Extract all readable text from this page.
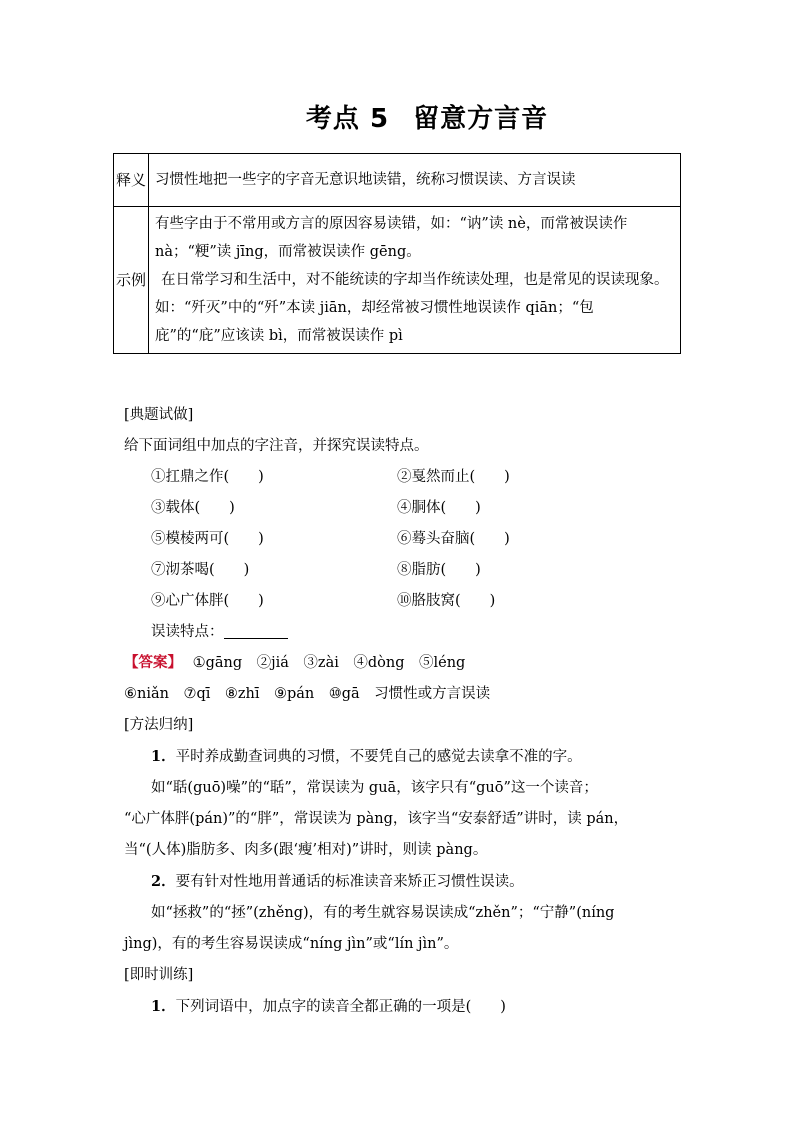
考点 5 留意方言音
释义	习惯性地把一些字的字音无意识地读错，统称习惯误读、方言误读

示例	有些字由于不常用或方言的原因容易读错，如：“讷”读 nè，而常被误读作 nà；“粳”读 jīng，而常被误读作 gēng。

在日常学习和生活中，对不能统读的字却当作统读处理，也是常见的误读现象。如：“歼灭”中的“歼”本读 jiān，却经常被习惯性地误读作 qiān；“包庇”的“庇”应该读 bì，而常被误读作 pì

[典题试做]
给下面词组中加点的字注音，并探究误读特点。
①扛鼎之作(　　)	②戛然而止(　　)
③载体(　　)	④胴体(　　)
⑤模棱两可(　　)	⑥蓦头奋脑(　　)
⑦沏茶喝(　　)	⑧脂肪(　　)
⑨心广体胖(　　)	⑩胳肢窝(　　)
误读特点：
【答案】 ①gāng　②jiá　③zài　④dòng　⑤léng
⑥niǎn　⑦qī　⑧zhī　⑨pán　⑩gā　习惯性或方言误读
[方法归纳]
1．平时养成勤查词典的习惯，不要凭自己的感觉去读拿不准的字。
如“聒(guō)噪”的“聒”，常误读为 guā，该字只有“guō”这一个读音；
“心广体胖(pán)”的“胖”，常误读为 pàng，该字当“安泰舒适”讲时，读 pán，
当“(人体)脂肪多、肉多(跟‘瘦’相对)”讲时，则读 pàng。
2．要有针对性地用普通话的标准读音来矫正习惯性误读。
如“拯救”的“拯”(zhěng)，有的考生就容易误读成“zhěn”；“宁静”(níng
jìng)，有的考生容易误读成“níng jìn”或“lín jìn”。
[即时训练]
1．下列词语中，加点字的读音全都正确的一项是(　　)
